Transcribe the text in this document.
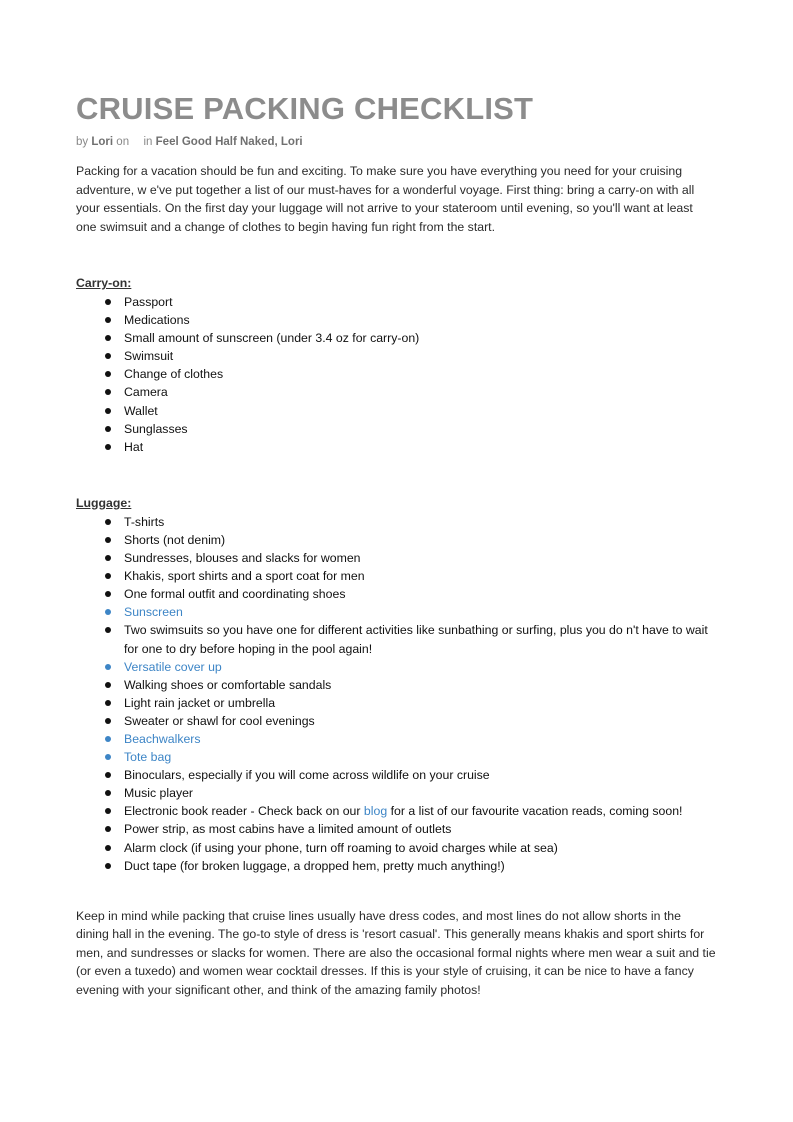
CRUISE PACKING CHECKLIST
by Lori on in Feel Good Half Naked, Lori

Packing for a vacation should be fun and exciting. To make sure you have everything you need for your cruising adventure, w e've put together a list of our must-haves for a wonderful voyage. First thing: bring a carry-on with all your essentials. On the first day your luggage will not arrive to your stateroom until evening, so you'll want at least one swimsuit and a change of clothes to begin having fun right from the start.

Carry-on:

Passport
Medications
Small amount of sunscreen (under 3.4 oz for carry-on)
Swimsuit
Change of clothes
Camera
Wallet
Sunglasses
Hat

Luggage:

T-shirts
Shorts (not denim)
Sundresses, blouses and slacks for women
Khakis, sport shirts and a sport coat for men
One formal outfit and coordinating shoes
Sunscreen
Two swimsuits so you have one for different activities like sunbathing or surfing, plus you do n't have to wait for one to dry before hoping in the pool again!
Versatile cover up
Walking shoes or comfortable sandals
Light rain jacket or umbrella
Sweater or shawl for cool evenings
Beachwalkers
Tote bag
Binoculars, especially if you will come across wildlife on your cruise
Music player
Electronic book reader - Check back on our blog for a list of our favourite vacation reads, coming soon!
Power strip, as most cabins have a limited amount of outlets
Alarm clock (if using your phone, turn off roaming to avoid charges while at sea)
Duct tape (for broken luggage, a dropped hem, pretty much anything!)

Keep in mind while packing that cruise lines usually have dress codes, and most lines do not allow shorts in the dining hall in the evening. The go-to style of dress is 'resort casual'. This generally means khakis and sport shirts for men, and sundresses or slacks for women. There are also the occasional formal nights where men wear a suit and tie (or even a tuxedo) and women wear cocktail dresses. If this is your style of cruising, it can be nice to have a fancy evening with your significant other, and think of the amazing family photos!
